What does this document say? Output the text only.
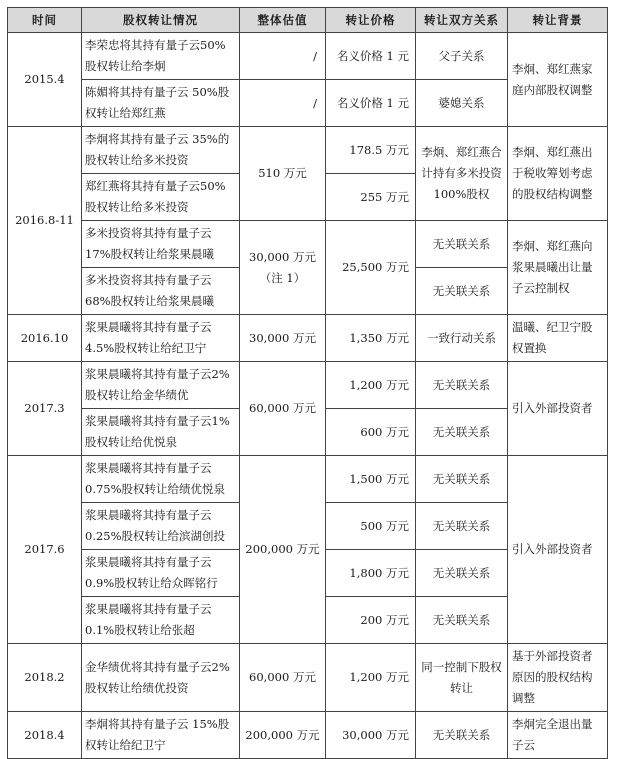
时间	股权转让情况	整体估值	转让价格	转让双方关系	转让背景
2015.4	李荣忠将其持有量子云50%股权转让给李炯	/	名义价格 1 元	父子关系	李炯、郑红燕家庭内部股权调整
	陈媚将其持有量子云 50%股权转让给郑红燕	/	名义价格 1 元	婆媳关系	
2016.8-11	李炯将其持有量子云 35%的股权转让给多米投资	510 万元	178.5 万元	李炯、郑红燕合计持有多米投资 100%股权	李炯、郑红燕出于税收筹划考虑的股权结构调整
	郑红燕将其持有量子云50%股权转让给多米投资		255 万元		
	多米投资将其持有量子云17%股权转让给浆果晨曦	30,000 万元（注 1）	25,500 万元	无关联关系	李炯、郑红燕向浆果晨曦出让量子云控制权
	多米投资将其持有量子云68%股权转让给浆果晨曦			无关联关系	
2016.10	浆果晨曦将其持有量子云4.5%股权转让给纪卫宁	30,000 万元	1,350 万元	一致行动关系	温曦、纪卫宁股权置换
2017.3	浆果晨曦将其持有量子云2%股权转让给金华绩优	60,000 万元	1,200 万元	无关联关系	引入外部投资者
	浆果晨曦将其持有量子云1%股权转让给优悦泉		600 万元	无关联关系	
2017.6	浆果晨曦将其持有量子云0.75%股权转让给绩优悦泉	200,000 万元	1,500 万元	无关联关系	引入外部投资者
	浆果晨曦将其持有量子云0.25%股权转让给滨湖创投		500 万元	无关联关系	
	浆果晨曦将其持有量子云0.9%股权转让给众晖铭行		1,800 万元	无关联关系	
	浆果晨曦将其持有量子云0.1%股权转让给张超		200 万元	无关联关系	
2018.2	金华绩优将其持有量子云2%股权转让给绩优投资	60,000 万元	1,200 万元	同一控制下股权转让	基于外部投资者原因的股权结构调整
2018.4	李炯将其持有量子云 15%股权转让给纪卫宁	200,000 万元	30,000 万元	无关联关系	李炯完全退出量子云
